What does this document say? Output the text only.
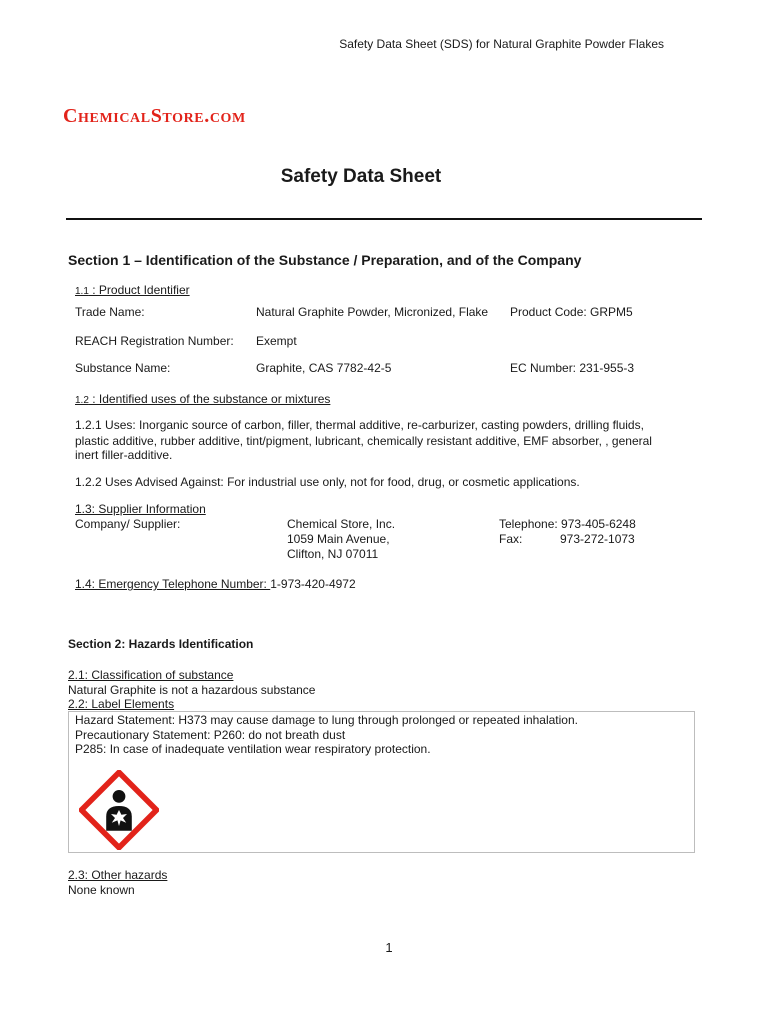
Safety Data Sheet (SDS) for Natural Graphite Powder Flakes
ChemicalStore.com
Safety Data Sheet
Section 1 – Identification of the Substance / Preparation, and of the Company
1.1 : Product Identifier
Trade Name:	Natural Graphite Powder, Micronized, Flake Product Code: GRPM5
REACH Registration Number: Exempt
Substance Name:	Graphite, CAS 7782-42-5	EC Number: 231-955-3
1.2 : Identified uses of the substance or mixtures
1.2.1 Uses: Inorganic source of carbon, filler, thermal additive, re-carburizer, casting powders, drilling fluids,
plastic additive, rubber additive, tint/pigment, lubricant, chemically resistant additive, EMF absorber, , general
inert filler-additive.
1.2.2 Uses Advised Against: For industrial use only, not for food, drug, or cosmetic applications.
1.3: Supplier Information
Company/ Supplier:	Chemical Store, Inc.
1059 Main Avenue,
Clifton, NJ 07011
Telephone: 973-405-6248
Fax:	973-272-1073
1.4: Emergency Telephone Number: 1-973-420-4972
Section 2: Hazards Identification
2.1: Classification of substance
Natural Graphite is not a hazardous substance
2.2: Label Elements
Hazard Statement: H373 may cause damage to lung through prolonged or repeated inhalation.
Precautionary Statement: P260: do not breath dust
P285: In case of inadequate ventilation wear respiratory protection.
2.3: Other hazards
None known
1
